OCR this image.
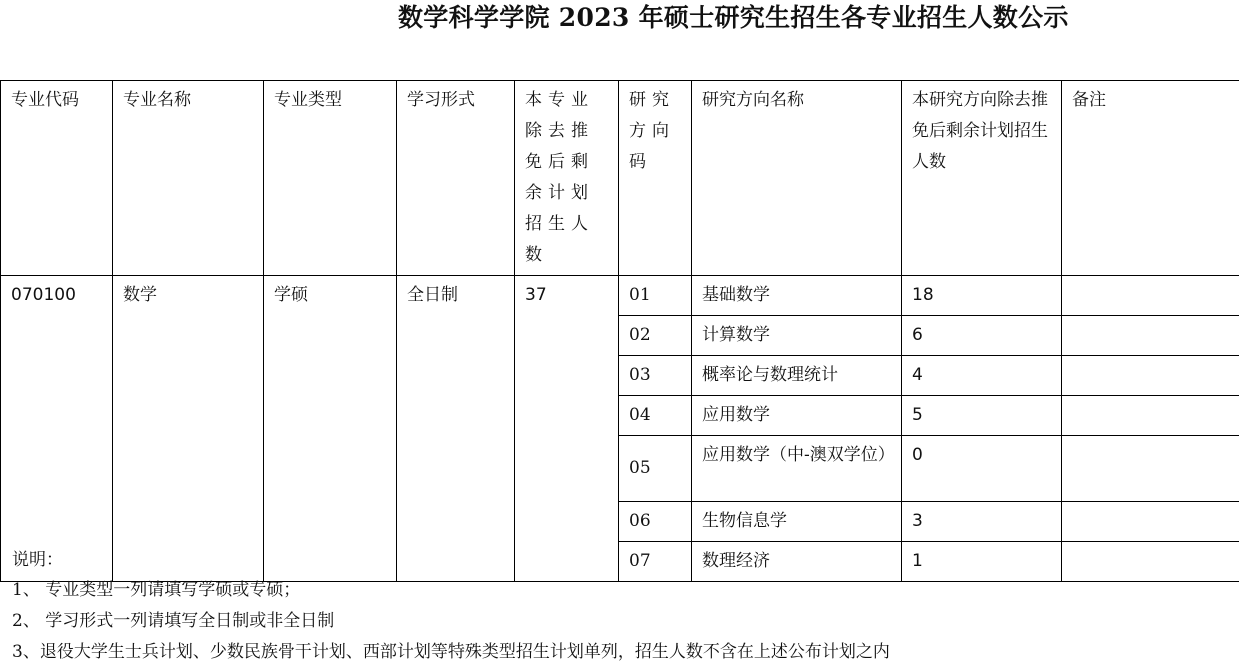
数学科学学院 2023 年硕士研究生招生各专业招生人数公示
专业代码	专业名称	专业类型	学习形式	本专业除去推免后剩余计划招生人数	研究方向码	研究方向名称	本研究方向除去推免后剩余计划招生人数	备注
070100	数学	学硕	全日制	37	01	基础数学	18	
					02	计算数学	6	
					03	概率论与数理统计	4	
					04	应用数学	5	
					05	应用数学（中-澳双学位）	0	
					06	生物信息学	3	
					07	数理经济	1	
说明：
1、 专业类型一列请填写学硕或专硕；
2、 学习形式一列请填写全日制或非全日制
3、退役大学生士兵计划、少数民族骨干计划、西部计划等特殊类型招生计划单列，招生人数不含在上述公布计划之内
